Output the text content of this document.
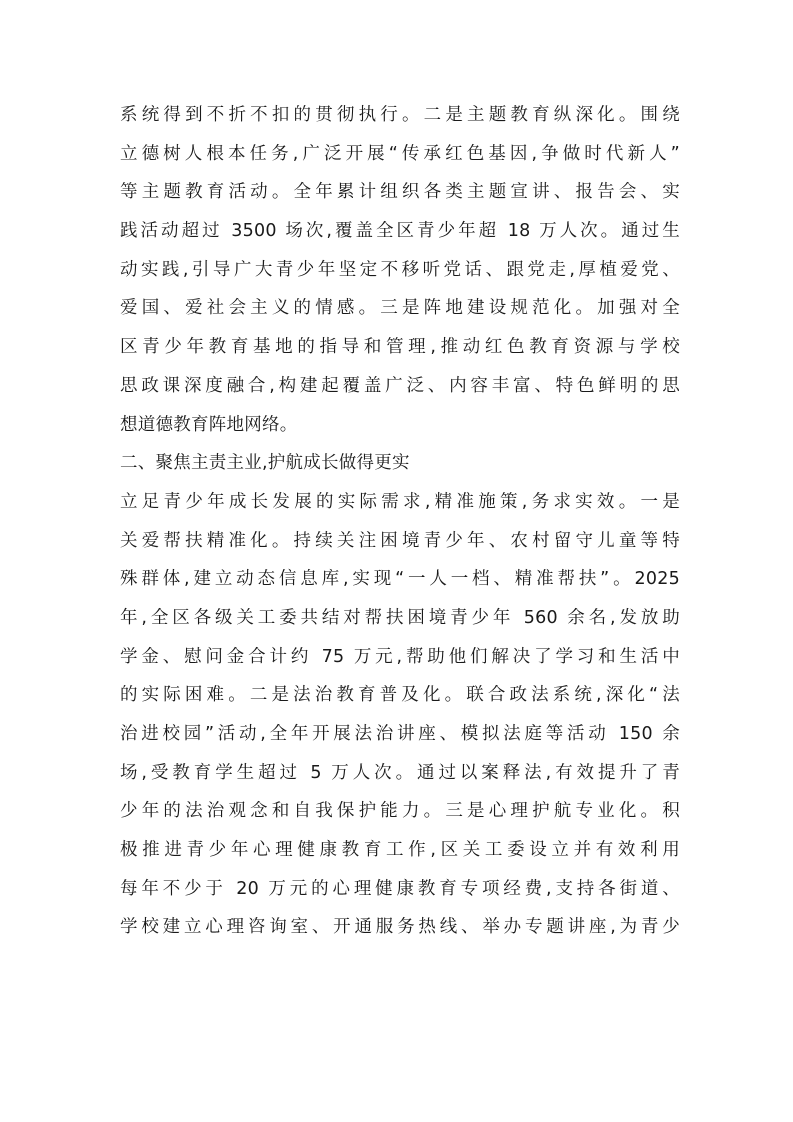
系统得到不折不扣的贯彻执行。二是主题教育纵深化。围绕
立德树人根本任务,广泛开展“传承红色基因,争做时代新人”
等主题教育活动。全年累计组织各类主题宣讲、报告会、实
践活动超过 3500 场次,覆盖全区青少年超 18 万人次。通过生
动实践,引导广大青少年坚定不移听党话、跟党走,厚植爱党、
爱国、爱社会主义的情感。三是阵地建设规范化。加强对全
区青少年教育基地的指导和管理,推动红色教育资源与学校
思政课深度融合,构建起覆盖广泛、内容丰富、特色鲜明的思
想道德教育阵地网络。
二、聚焦主责主业,护航成长做得更实
立足青少年成长发展的实际需求,精准施策,务求实效。一是
关爱帮扶精准化。持续关注困境青少年、农村留守儿童等特
殊群体,建立动态信息库,实现“一人一档、精准帮扶”。2025
年,全区各级关工委共结对帮扶困境青少年 560 余名,发放助
学金、慰问金合计约 75 万元,帮助他们解决了学习和生活中
的实际困难。二是法治教育普及化。联合政法系统,深化“法
治进校园”活动,全年开展法治讲座、模拟法庭等活动 150 余
场,受教育学生超过 5 万人次。通过以案释法,有效提升了青
少年的法治观念和自我保护能力。三是心理护航专业化。积
极推进青少年心理健康教育工作,区关工委设立并有效利用
每年不少于 20 万元的心理健康教育专项经费,支持各街道、
学校建立心理咨询室、开通服务热线、举办专题讲座,为青少
